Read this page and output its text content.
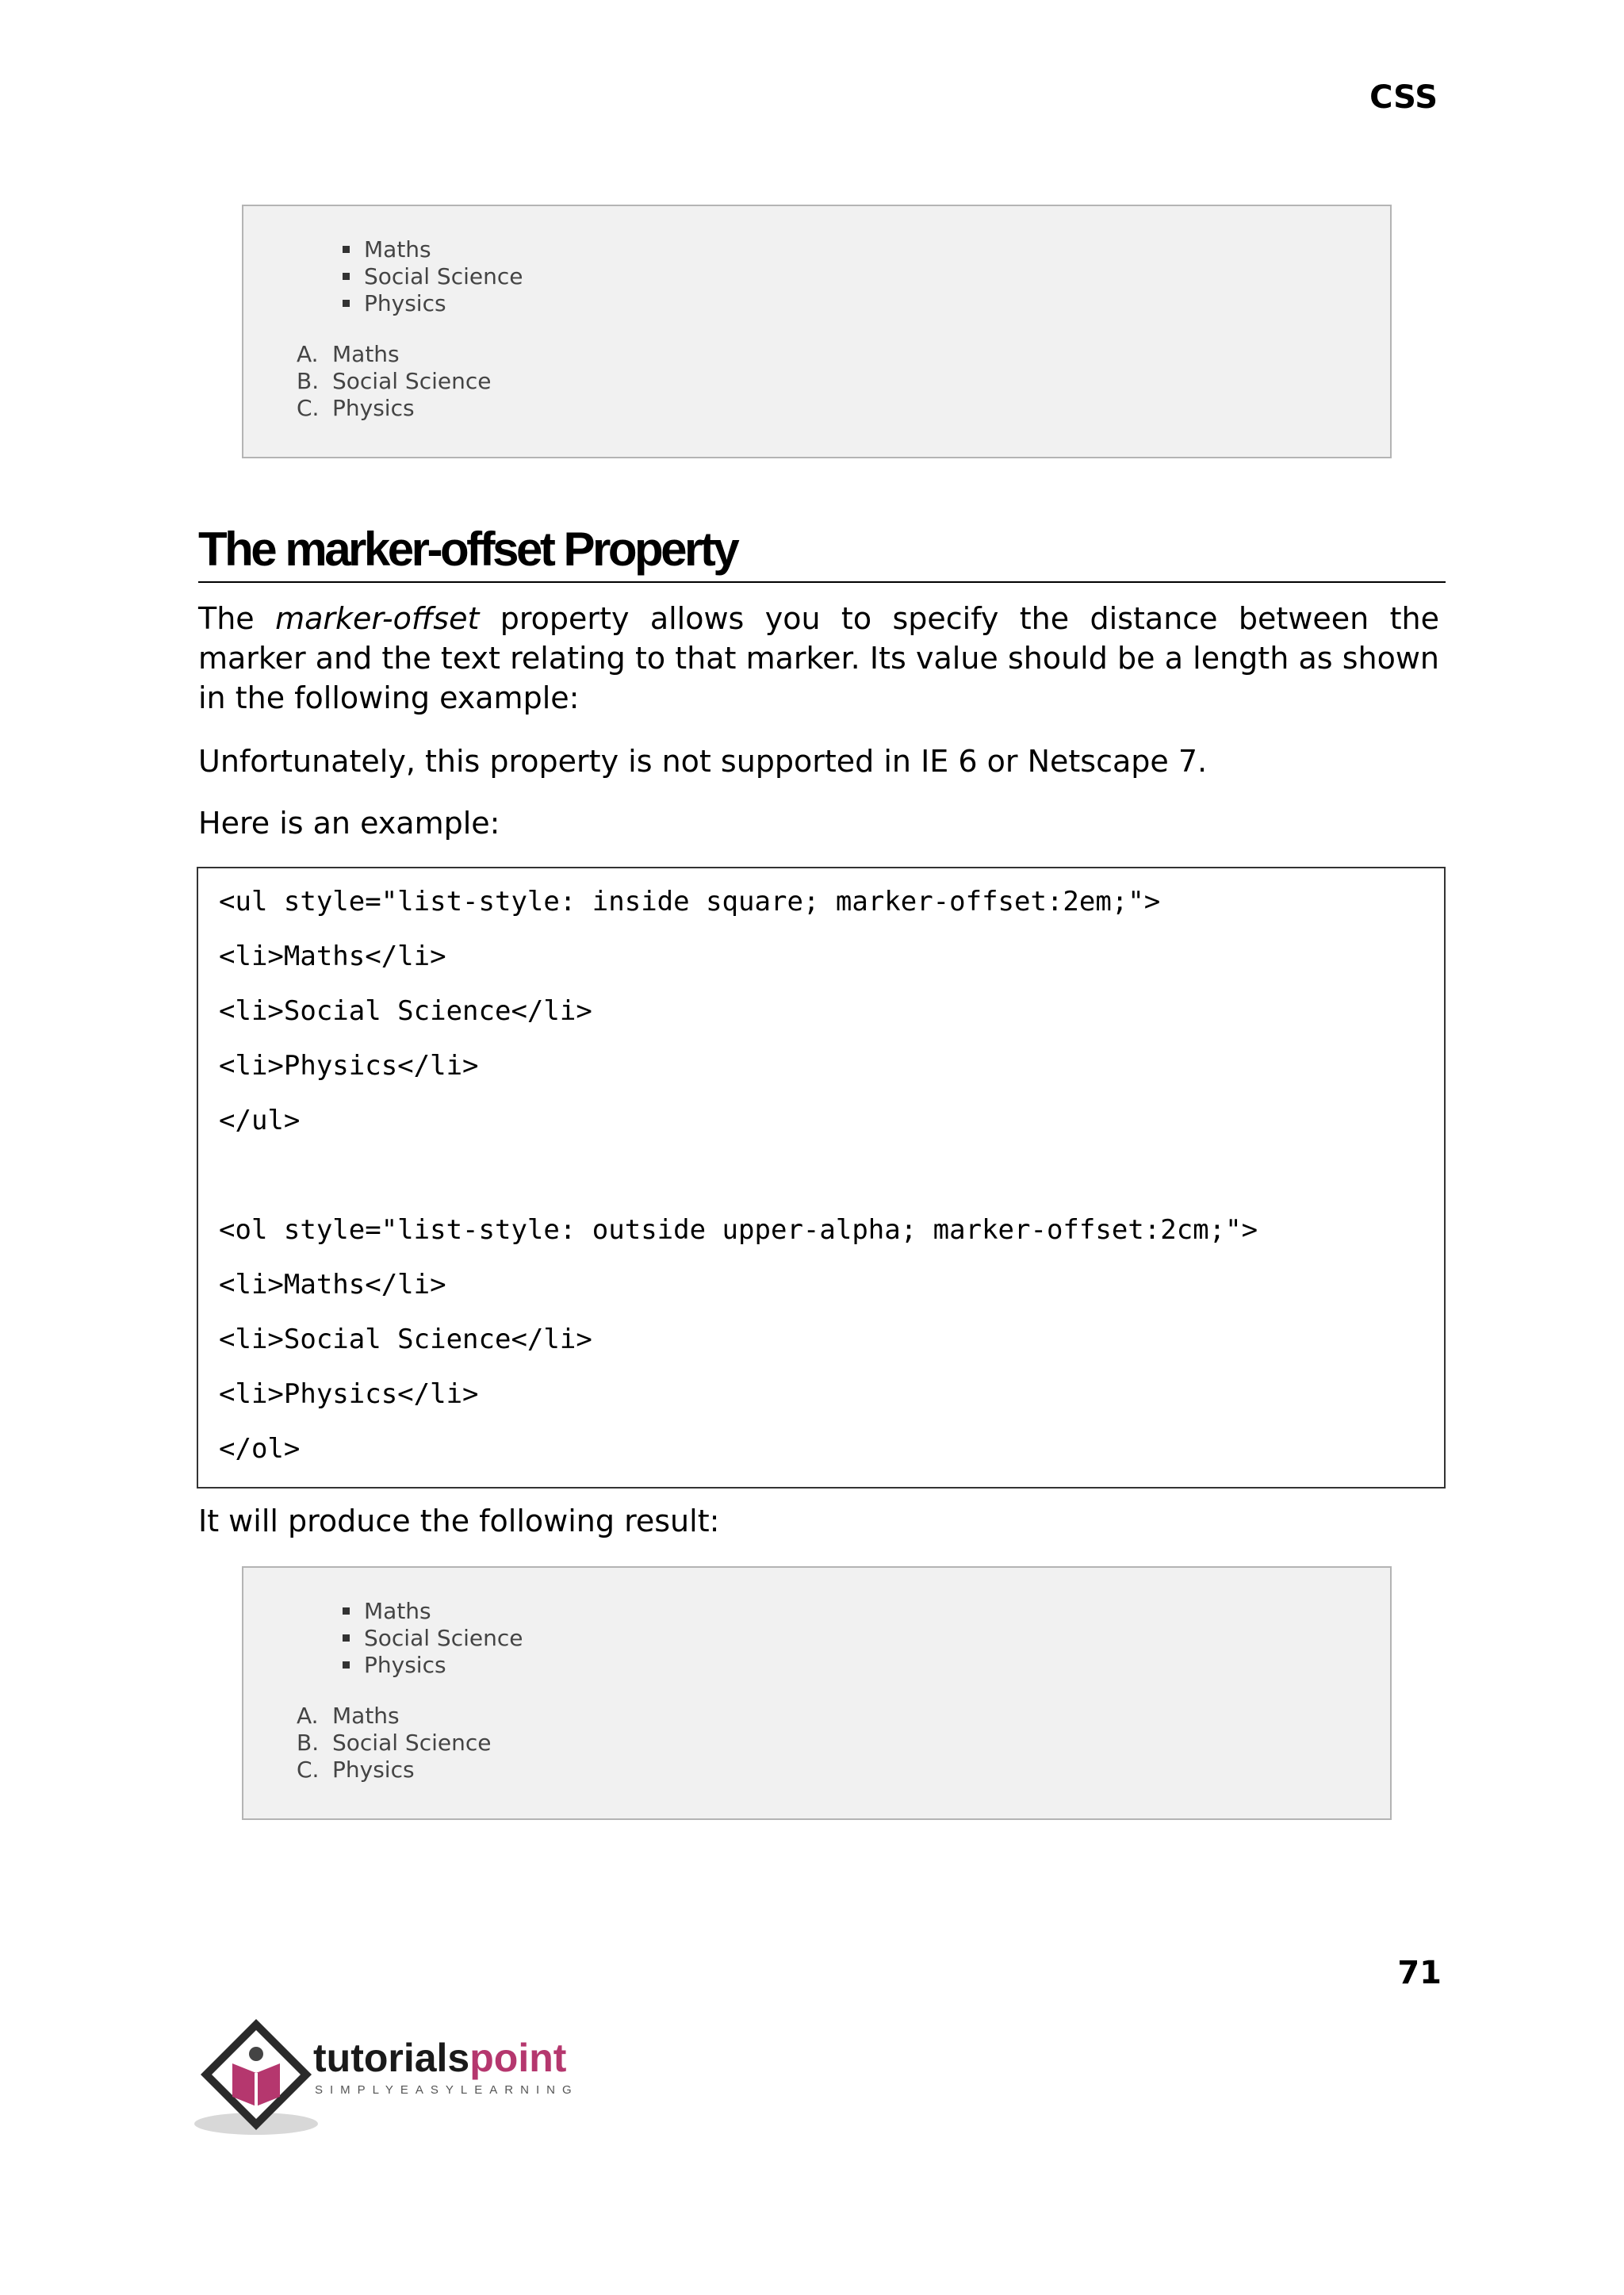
CSS
Maths
Social Science
Physics
A. Maths
B. Social Science
C. Physics
The marker-offset Property

The marker-offset property allows you to specify the distance between the marker and the text relating to that marker. Its value should be a length as shown in the following example:

Unfortunately, this property is not supported in IE 6 or Netscape 7.

Here is an example:

<ul style="list-style: inside square; marker-offset:2em;">
<li>Maths</li>
<li>Social Science</li>
<li>Physics</li>
</ul>
<ol style="list-style: outside upper-alpha; marker-offset:2cm;">
<li>Maths</li>
<li>Social Science</li>
<li>Physics</li>
</ol>

It will produce the following result:

Maths
Social Science
Physics
A. Maths
B. Social Science
C. Physics
71
tutorialspoint
SIMPLYEASYLEARNING
